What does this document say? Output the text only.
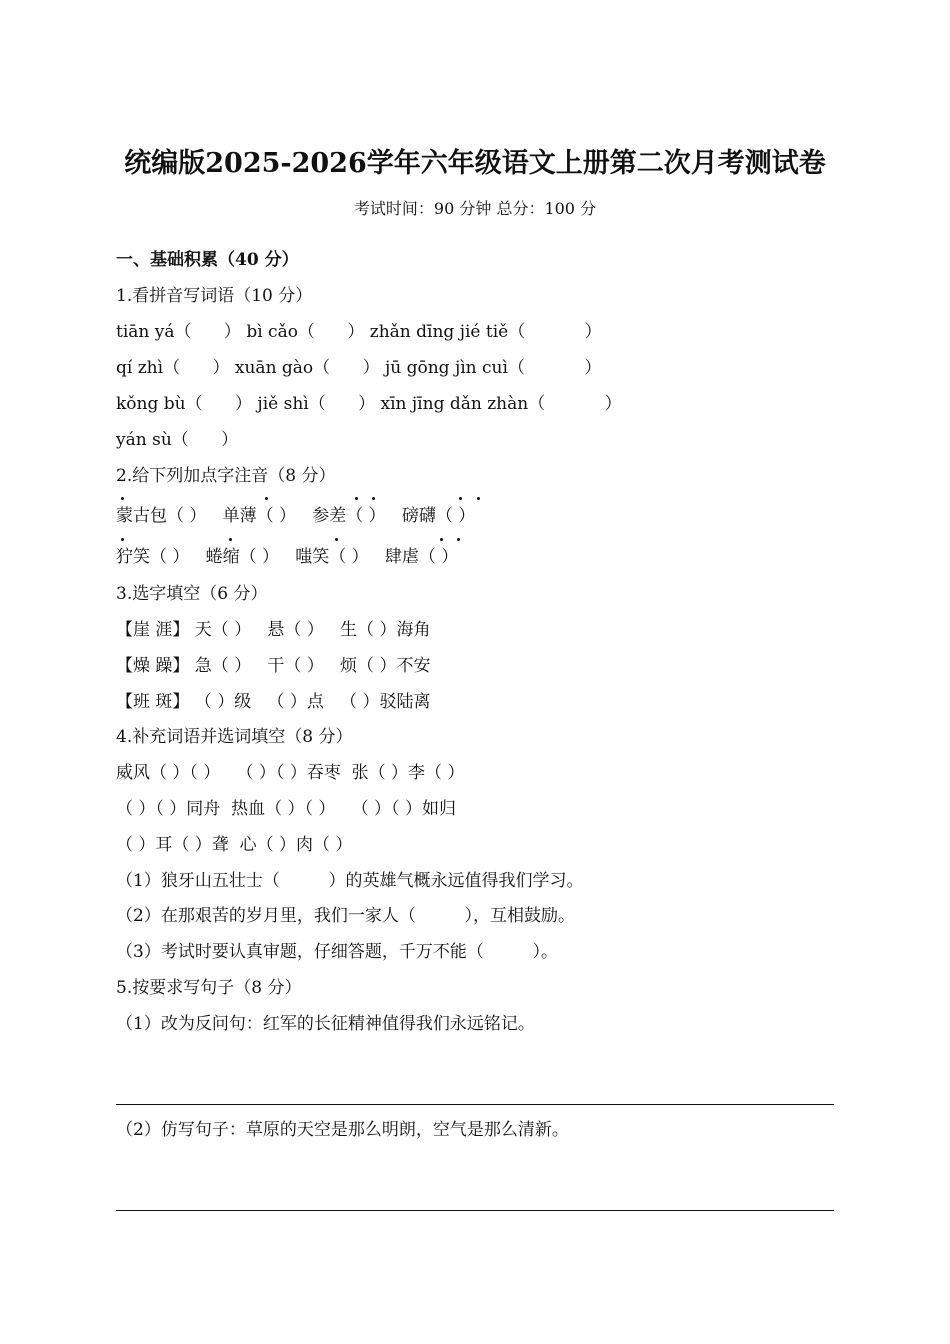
统编版2025-2026学年六年级语文上册第二次月考测试卷
考试时间：90 分钟 总分：100 分
一、基础积累（40 分）
1.看拼音写词语（10 分）
tiān yá（      ） bì cǎo（      ） zhǎn dīng jié tiě（           ）
qí zhì（      ） xuān gào（      ） jū gōng jìn cuì（           ）
kǒng bù（      ） jiě shì（      ） xīn jīng dǎn zhàn（           ）
yán sù（      ）
2.给下列加点字注音（8 分）
蒙古包（ ）   单薄（ ）   参差（ ）   磅礴（ ）
狞笑（ ）   蜷缩（ ）   嗤笑（ ）   肆虐（ ）
3.选字填空（6 分）
【崖 涯】 天（ ）   悬（ ）   生（ ）海角
【燥 躁】 急（ ）   干（ ）   烦（ ）不安
【班 斑】 （ ）级   （ ）点   （ ）驳陆离
4.补充词语并选词填空（8 分）
威风（ ）（ ）   （ ）（ ）吞枣  张（ ）李（ ）
（ ）（ ）同舟  热血（ ）（ ）   （ ）（ ）如归
（ ）耳（ ）聋  心（ ）肉（ ）
（1）狼牙山五壮士（         ）的英雄气概永远值得我们学习。
（2）在那艰苦的岁月里，我们一家人（         ），互相鼓励。
（3）考试时要认真审题，仔细答题，千万不能（         ）。
5.按要求写句子（8 分）
（1）改为反问句：红军的长征精神值得我们永远铭记。
（2）仿写句子：草原的天空是那么明朗，空气是那么清新。
